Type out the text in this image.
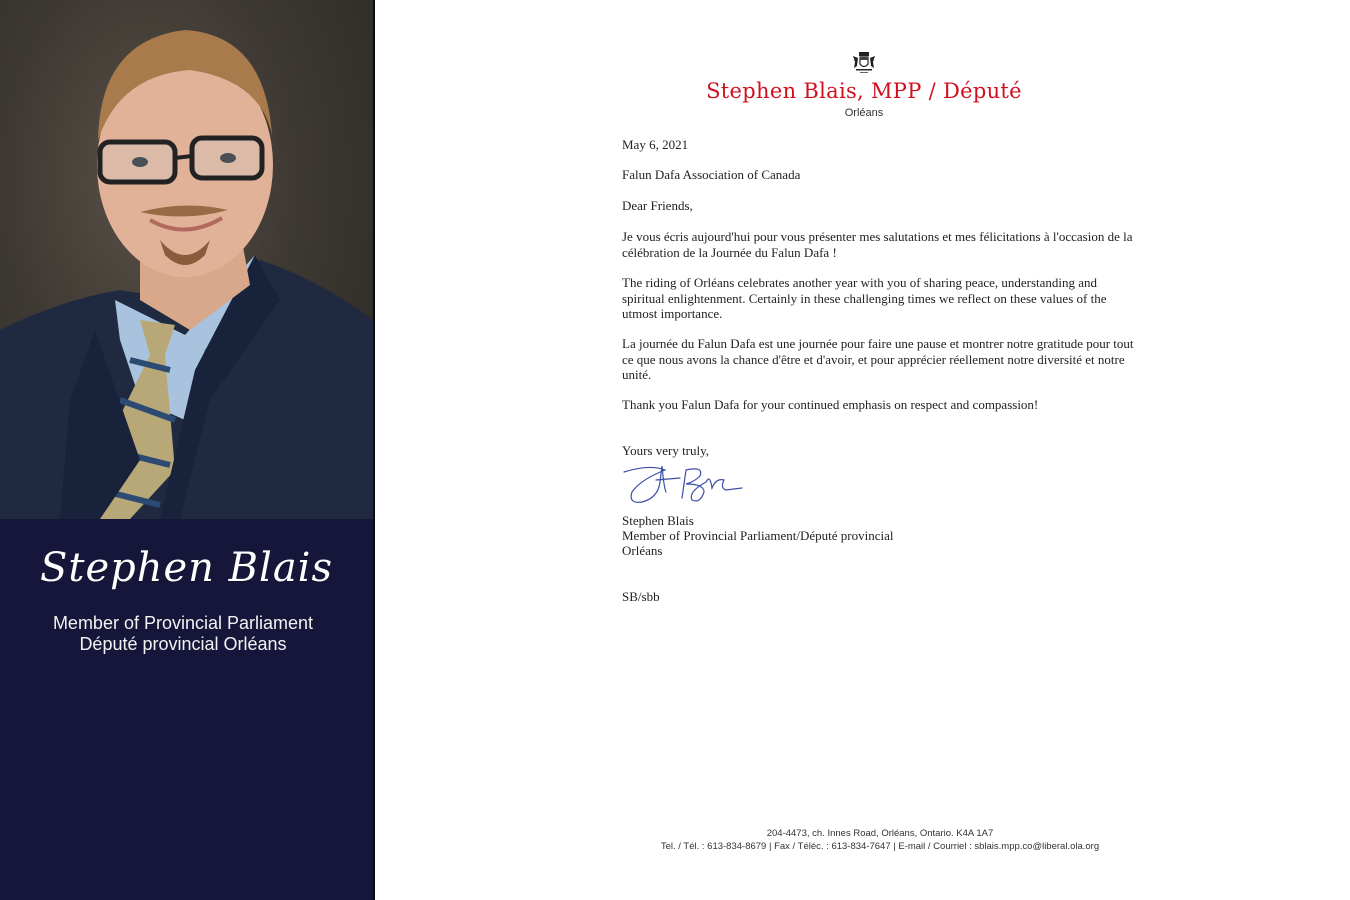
Stephen Blais
Member of Provincial Parliament
Député provincial Orléans
Stephen Blais, MPP / Député
Orléans
May 6, 2021
Falun Dafa Association of Canada
Dear Friends,
Je vous écris aujourd'hui pour vous présenter mes salutations et mes félicitations à l'occasion de la célébration de la Journée du Falun Dafa !
The riding of Orléans celebrates another year with you of sharing peace, understanding and spiritual enlightenment. Certainly in these challenging times we reflect on these values of the utmost importance.
La journée du Falun Dafa est une journée pour faire une pause et montrer notre gratitude pour tout ce que nous avons la chance d'être et d'avoir, et pour apprécier réellement notre diversité et notre unité.
Thank you Falun Dafa for your continued emphasis on respect and compassion!
Yours very truly,
Stephen Blais
Member of Provincial Parliament/Député provincial
Orléans
SB/sbb
204-4473, ch. Innes Road, Orléans, Ontario. K4A 1A7
Tel. / Tél. : 613-834-8679 | Fax / Téléc. : 613-834-7647 | E-mail / Courriel : sblais.mpp.co@liberal.ola.org
